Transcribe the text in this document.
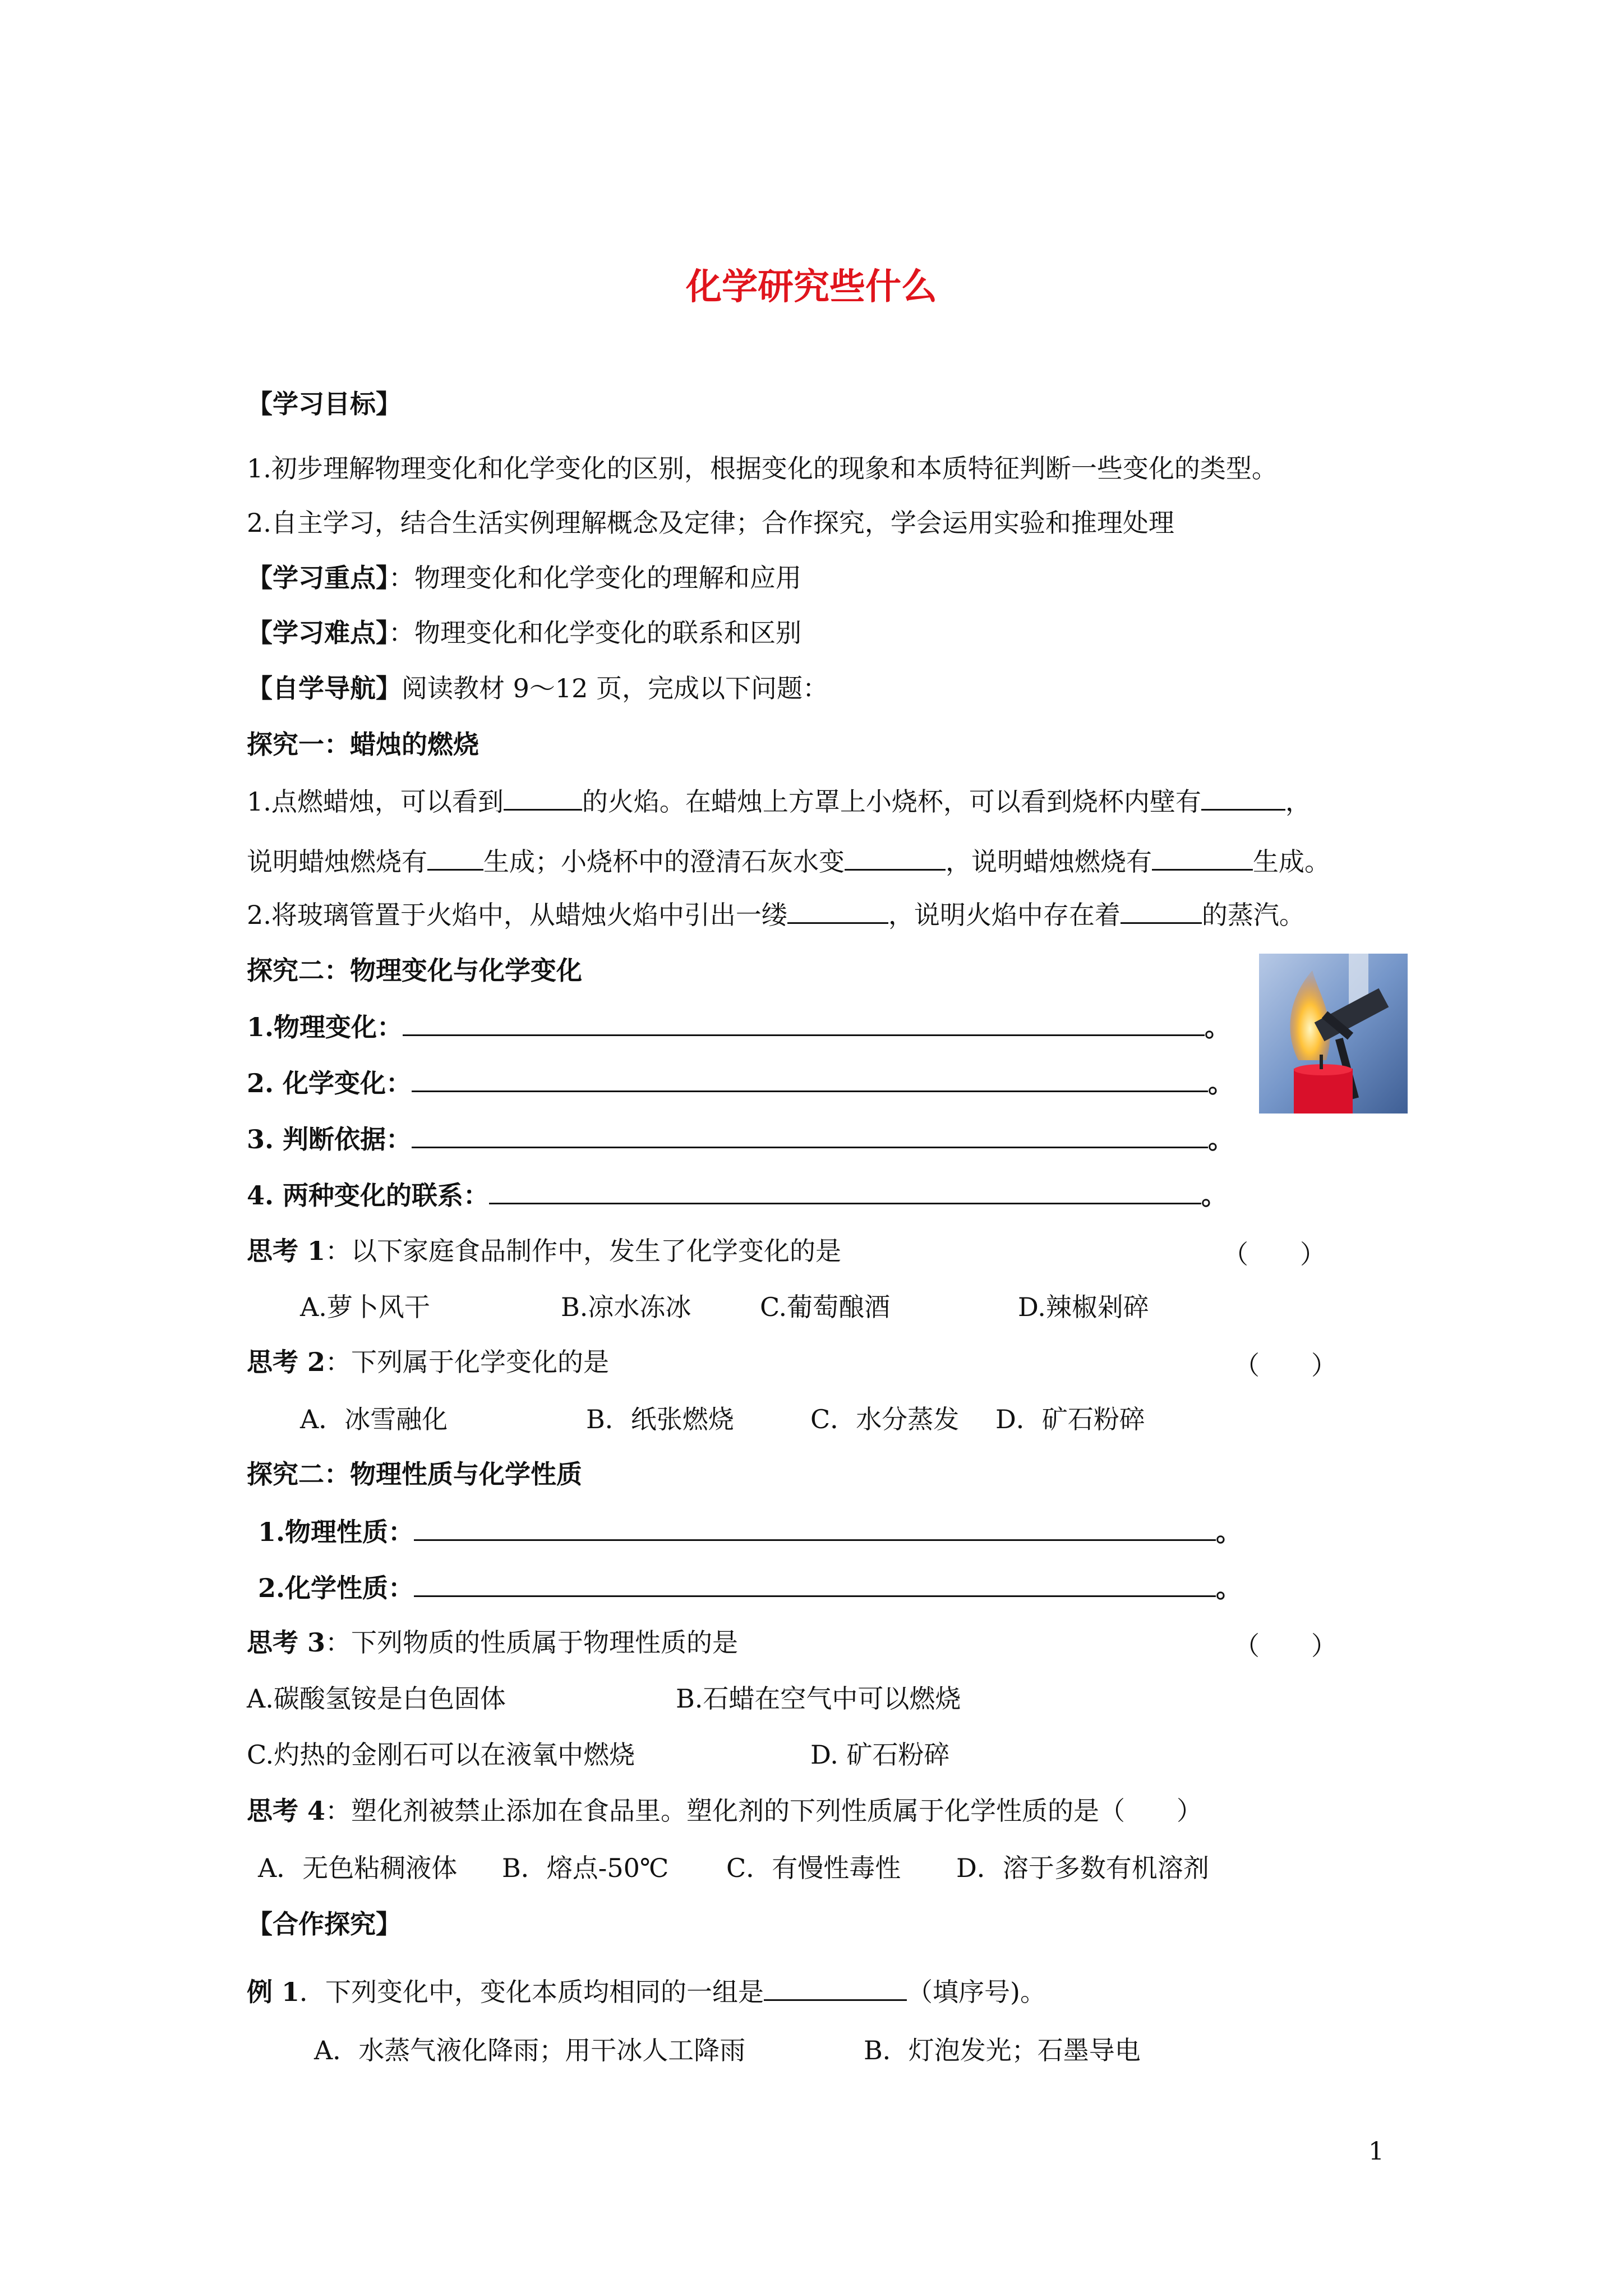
化学研究些什么
【学习目标】
1.初步理解物理变化和化学变化的区别，根据变化的现象和本质特征判断一些变化的类型。
2.自主学习，结合生活实例理解概念及定律；合作探究，学会运用实验和推理处理
【学习重点】：物理变化和化学变化的理解和应用
【学习难点】：物理变化和化学变化的联系和区别
【自学导航】阅读教材 9～12 页，完成以下问题：
探究一：蜡烛的燃烧
1.点燃蜡烛，可以看到	的火焰。在蜡烛上方罩上小烧杯，可以看到烧杯内壁有	，
说明蜡烛燃烧有 生成；小烧杯中的澄清石灰水变	，说明蜡烛燃烧有	生成。
2.将玻璃管置于火焰中，从蜡烛火焰中引出一缕	，说明火焰中存在着	的蒸汽。
探究二：物理变化与化学变化
1.物理变化：	。
2. 化学变化：	。
3. 判断依据：	。
4. 两种变化的联系：	。
思考 1：以下家庭食品制作中，发生了化学变化的是	（　　）
A.萝卜风干	B.凉水冻冰	C.葡萄酿酒	D.辣椒剁碎
思考 2：下列属于化学变化的是	（　　）
A．冰雪融化	B．纸张燃烧	C．水分蒸发 D．矿石粉碎
探究二：物理性质与化学性质
1.物理性质：	。
2.化学性质：	。
思考 3：下列物质的性质属于物理性质的是	（　　）
A.碳酸氢铵是白色固体	B.石蜡在空气中可以燃烧
C.灼热的金刚石可以在液氧中燃烧	D. 矿石粉碎
思考 4：塑化剂被禁止添加在食品里。塑化剂的下列性质属于化学性质的是（　　）
A．无色粘稠液体 B．熔点-50℃ C．有慢性毒性 D．溶于多数有机溶剂
【合作探究】
例 1．下列变化中，变化本质均相同的一组是	（填序号)。
A．水蒸气液化降雨；用干冰人工降雨	B．灯泡发光；石墨导电
1
